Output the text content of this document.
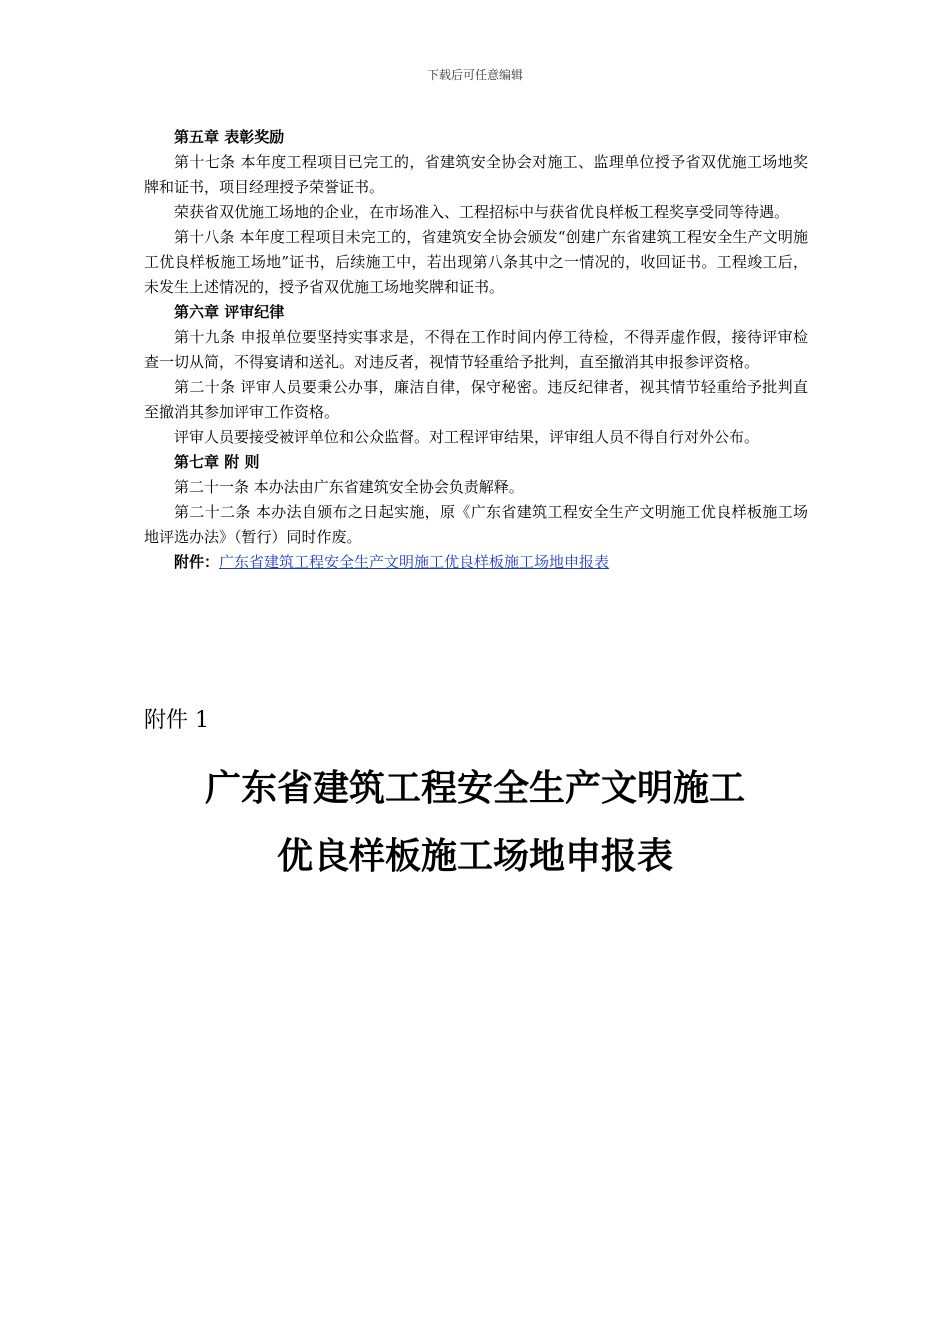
下载后可任意编辑

第五章 表彰奖励

第十七条 本年度工程项目已完工的，省建筑安全协会对施工、监理单位授予省双优施工场地奖牌和证书，项目经理授予荣誉证书。

荣获省双优施工场地的企业，在市场准入、工程招标中与获省优良样板工程奖享受同等待遇。

第十八条 本年度工程项目未完工的，省建筑安全协会颁发“创建广东省建筑工程安全生产文明施工优良样板施工场地”证书，后续施工中，若出现第八条其中之一情况的，收回证书。工程竣工后，未发生上述情况的，授予省双优施工场地奖牌和证书。

第六章 评审纪律

第十九条 申报单位要坚持实事求是，不得在工作时间内停工待检，不得弄虚作假，接待评审检查一切从简，不得宴请和送礼。对违反者，视情节轻重给予批判，直至撤消其申报参评资格。

第二十条 评审人员要秉公办事，廉洁自律，保守秘密。违反纪律者，视其情节轻重给予批判直至撤消其参加评审工作资格。

评审人员要接受被评单位和公众监督。对工程评审结果，评审组人员不得自行对外公布。

第七章 附 则

第二十一条 本办法由广东省建筑安全协会负责解释。

第二十二条 本办法自颁布之日起实施，原《广东省建筑工程安全生产文明施工优良样板施工场地评选办法》（暂行）同时作废。

附件：广东省建筑工程安全生产文明施工优良样板施工场地申报表

附件 1
广东省建筑工程安全生产文明施工
优良样板施工场地申报表
